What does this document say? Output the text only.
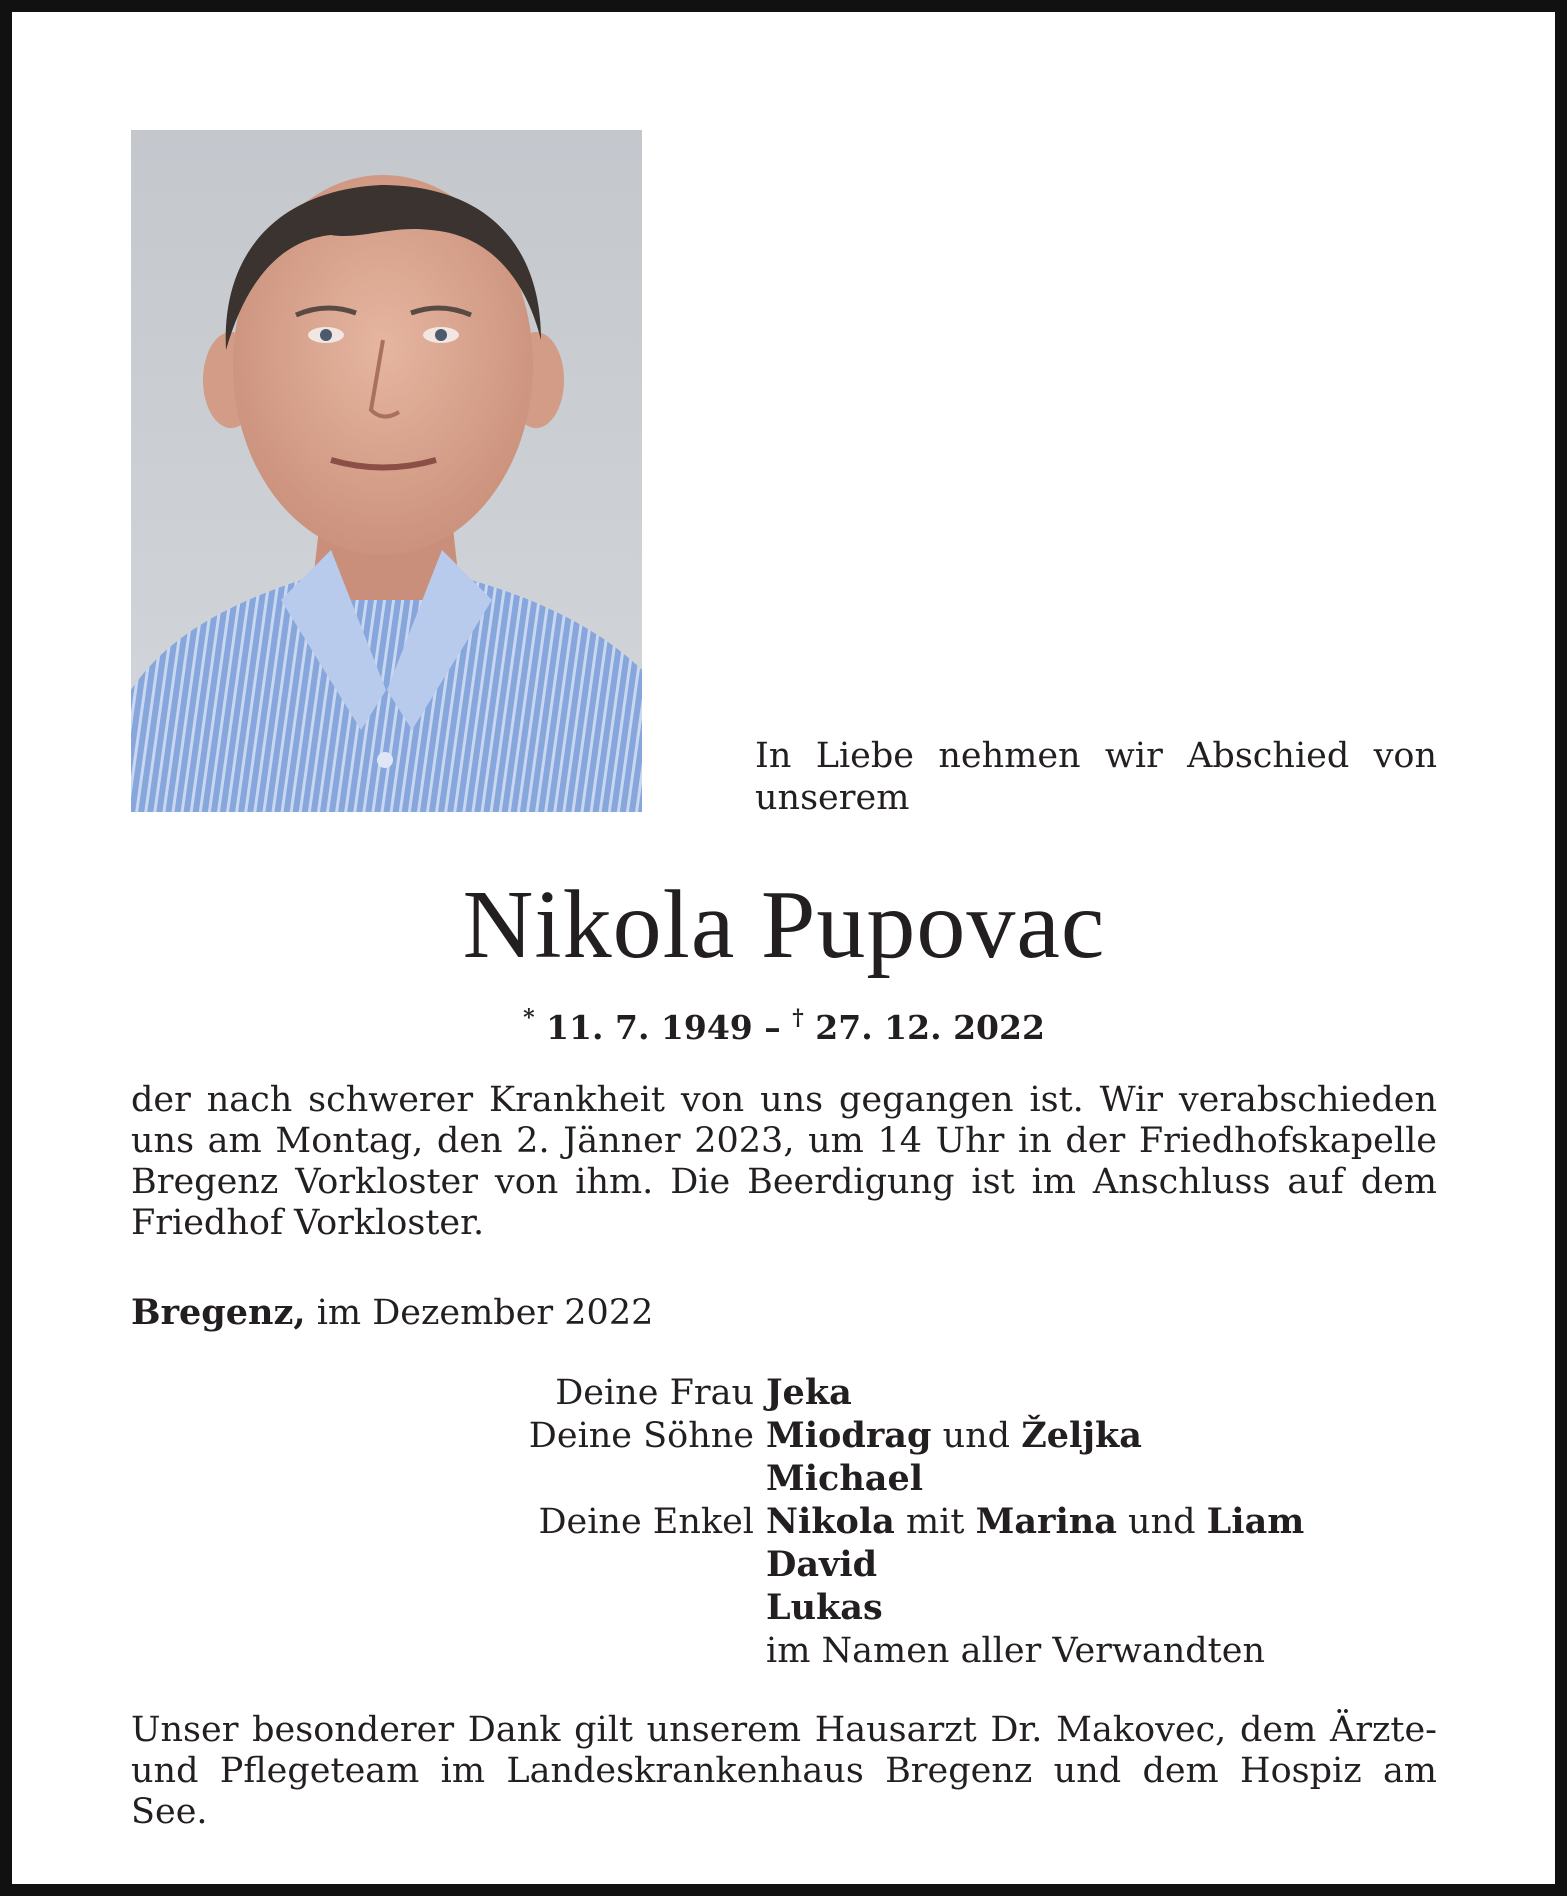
In Liebe nehmen wir Abschied von unserem

Nikola Pupovac
* 11. 7. 1949 – † 27. 12. 2022

der nach schwerer Krankheit von uns gegangen ist. Wir verabschieden uns am Montag, den 2. Jänner 2023, um 14 Uhr in der Friedhofskapelle Bregenz Vorkloster von ihm. Die Beerdigung ist im Anschluss auf dem Friedhof Vorkloster.

Bregenz, im Dezember 2022
Deine Frau Jeka
Deine Söhne Miodrag und Željka
Michael
Deine Enkel Nikola mit Marina und Liam
David
Lukas
im Namen aller Verwandten

Unser besonderer Dank gilt unserem Hausarzt Dr. Makovec, dem Ärzte- und Pflegeteam im Landeskrankenhaus Bregenz und dem Hospiz am See.
